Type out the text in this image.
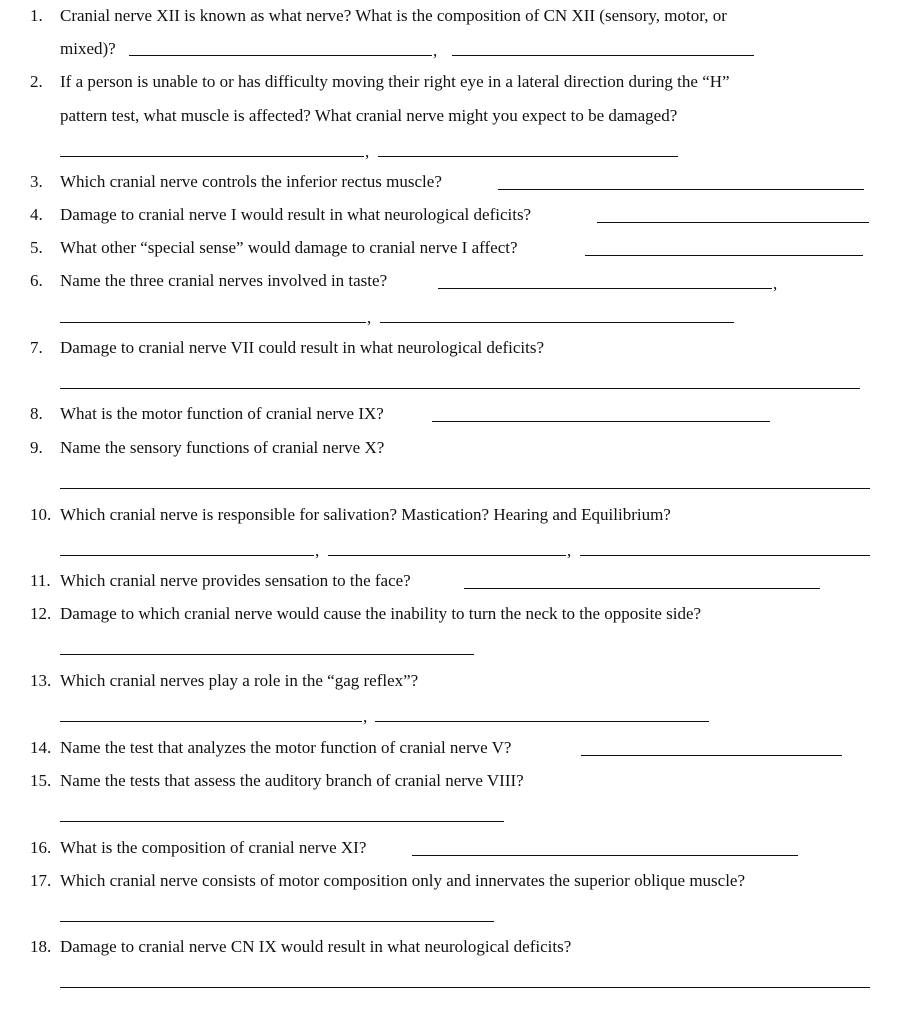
1. Cranial nerve XII is known as what nerve? What is the composition of CN XII (sensory, motor, or
mixed)?	,
2. If a person is unable to or has difficulty moving their right eye in a lateral direction during the “H”
pattern test, what muscle is affected? What cranial nerve might you expect to be damaged?
,
3. Which cranial nerve controls the inferior rectus muscle?
4. Damage to cranial nerve I would result in what neurological deficits?
5. What other “special sense” would damage to cranial nerve I affect?
6. Name the three cranial nerves involved in taste?	,
,
7. Damage to cranial nerve VII could result in what neurological deficits?
8. What is the motor function of cranial nerve IX?
9. Name the sensory functions of cranial nerve X?
10. Which cranial nerve is responsible for salivation? Mastication? Hearing and Equilibrium?
,	,
11. Which cranial nerve provides sensation to the face?
12. Damage to which cranial nerve would cause the inability to turn the neck to the opposite side?
13. Which cranial nerves play a role in the “gag reflex”?
,
14. Name the test that analyzes the motor function of cranial nerve V?
15. Name the tests that assess the auditory branch of cranial nerve VIII?
16. What is the composition of cranial nerve XI?
17. Which cranial nerve consists of motor composition only and innervates the superior oblique muscle?
18. Damage to cranial nerve CN IX would result in what neurological deficits?
